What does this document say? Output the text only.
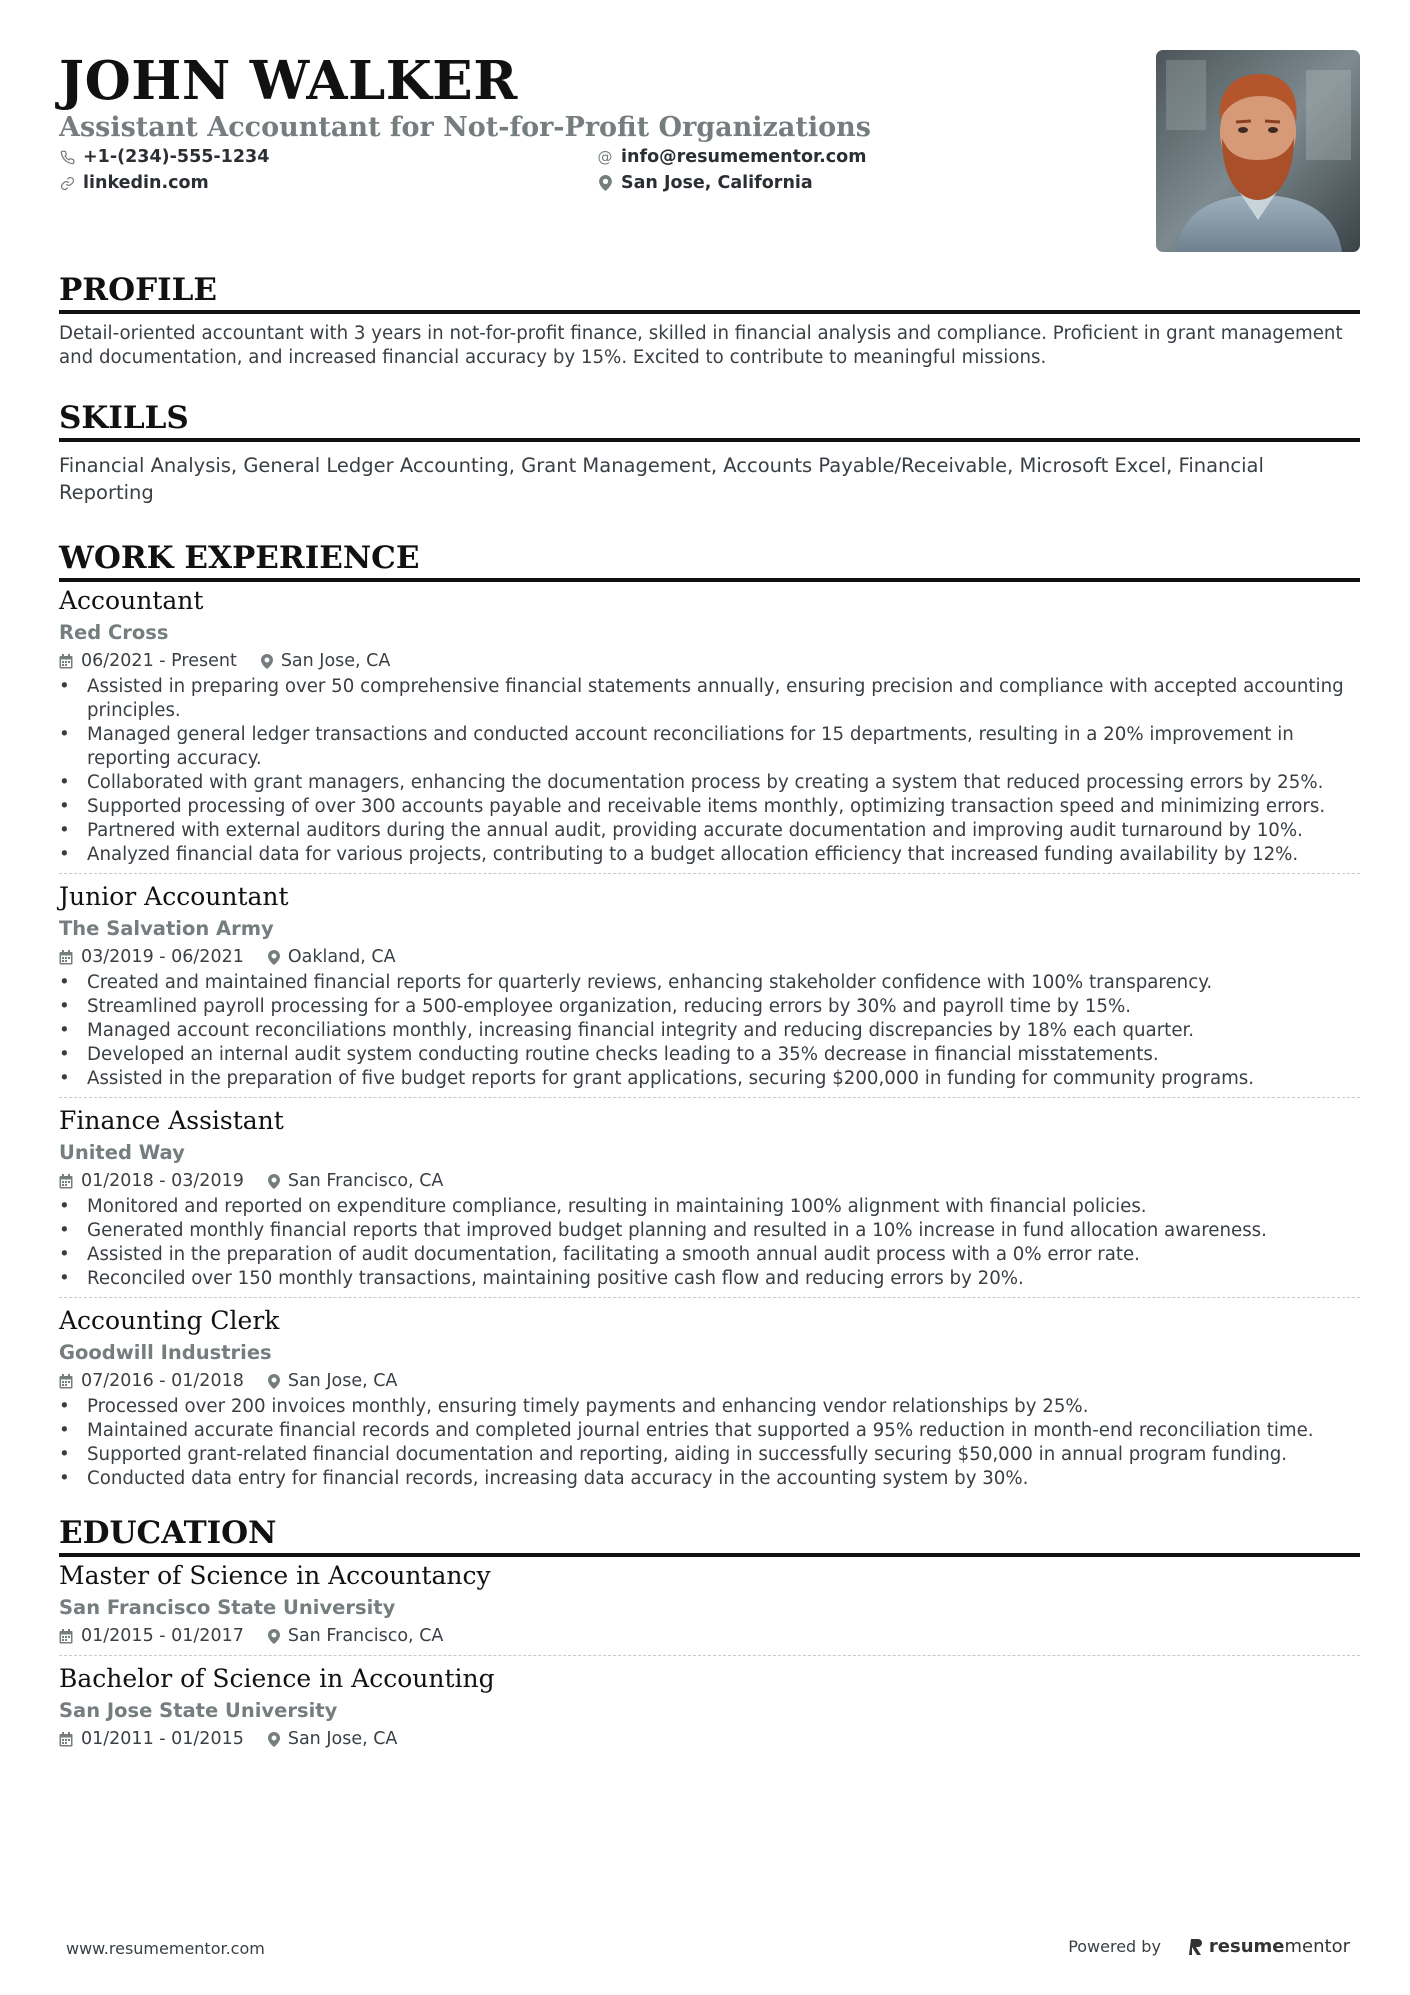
JOHN WALKER
Assistant Accountant for Not-for-Profit Organizations
+1-(234)-555-1234	@ info@resumementor.com
linkedin.com	San Jose, California
PROFILE
Detail-oriented accountant with 3 years in not-for-profit finance, skilled in financial analysis and compliance. Proficient in grant management and documentation, and increased financial accuracy by 15%. Excited to contribute to meaningful missions.
SKILLS
Financial Analysis, General Ledger Accounting, Grant Management, Accounts Payable/Receivable, Microsoft Excel, Financial Reporting
WORK EXPERIENCE
Accountant
Red Cross
06/2021 - Present	San Jose, CA
• Assisted in preparing over 50 comprehensive financial statements annually, ensuring precision and compliance with accepted accounting principles.
• Managed general ledger transactions and conducted account reconciliations for 15 departments, resulting in a 20% improvement in reporting accuracy.
• Collaborated with grant managers, enhancing the documentation process by creating a system that reduced processing errors by 25%.
• Supported processing of over 300 accounts payable and receivable items monthly, optimizing transaction speed and minimizing errors.
• Partnered with external auditors during the annual audit, providing accurate documentation and improving audit turnaround by 10%.
• Analyzed financial data for various projects, contributing to a budget allocation efficiency that increased funding availability by 12%.
Junior Accountant
The Salvation Army
03/2019 - 06/2021	Oakland, CA
• Created and maintained financial reports for quarterly reviews, enhancing stakeholder confidence with 100% transparency.
• Streamlined payroll processing for a 500-employee organization, reducing errors by 30% and payroll time by 15%.
• Managed account reconciliations monthly, increasing financial integrity and reducing discrepancies by 18% each quarter.
• Developed an internal audit system conducting routine checks leading to a 35% decrease in financial misstatements.
• Assisted in the preparation of five budget reports for grant applications, securing $200,000 in funding for community programs.
Finance Assistant
United Way
01/2018 - 03/2019	San Francisco, CA
• Monitored and reported on expenditure compliance, resulting in maintaining 100% alignment with financial policies.
• Generated monthly financial reports that improved budget planning and resulted in a 10% increase in fund allocation awareness.
• Assisted in the preparation of audit documentation, facilitating a smooth annual audit process with a 0% error rate.
• Reconciled over 150 monthly transactions, maintaining positive cash flow and reducing errors by 20%.
Accounting Clerk
Goodwill Industries
07/2016 - 01/2018	San Jose, CA
• Processed over 200 invoices monthly, ensuring timely payments and enhancing vendor relationships by 25%.
• Maintained accurate financial records and completed journal entries that supported a 95% reduction in month-end reconciliation time.
• Supported grant-related financial documentation and reporting, aiding in successfully securing $50,000 in annual program funding.
• Conducted data entry for financial records, increasing data accuracy in the accounting system by 30%.
EDUCATION
Master of Science in Accountancy
San Francisco State University
01/2015 - 01/2017	San Francisco, CA
Bachelor of Science in Accounting
San Jose State University
01/2011 - 01/2015	San Jose, CA
www.resumementor.com	Powered by	resume mentor
